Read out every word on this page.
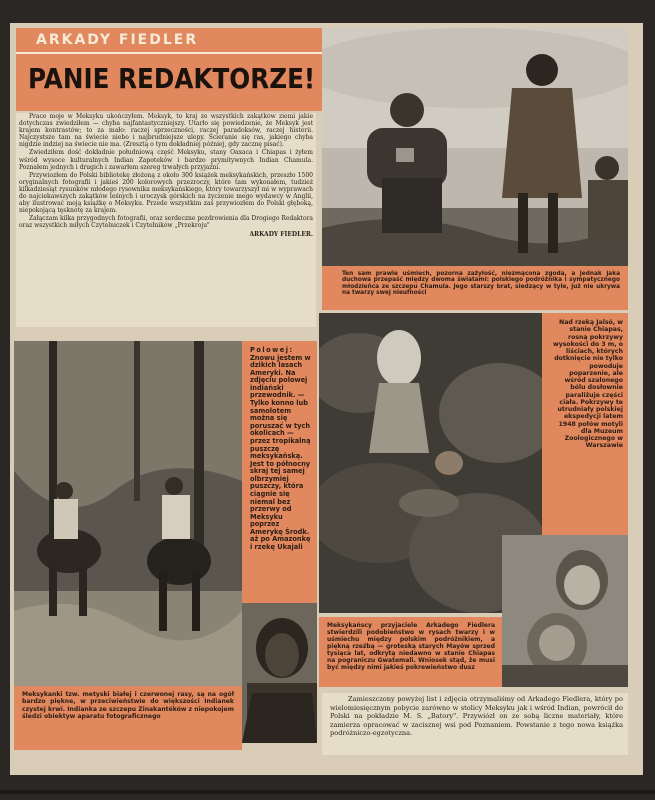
ARKADY FIEDLER
PANIE REDAKTORZE!

Prace moje w Meksyku ukończyłem. Meksyk, to kraj ze wszystkich zakątków ziemi jakie dotychczas zwiedziłem — chyba najfantastyczniejszy. Utarło się powiedzenie, że Meksyk jest krajem kontrastów; to za mało: raczej sprzeczności, raczej paradoksów, raczej histerii. Najczystsze tam na świecie niebo i najbrudniejsze ulepy. Ścieranie się ras, jakiego chyba nigdzie indziej na świecie nie ma. (Zresztą o tym dokładniej później, gdy zacznę pisać).

Zwiedziłem dość dokładnie południową część Meksyku, stany Oaxaca i Chiapas i żyłem wśród wysoce kulturalnych Indian Zapoteków i bardzo prymitywnych Indian Chamula. Poznałem jednych i drugich i zawarłem szereg trwałych przyjaźni.

Przywiozłem do Polski bibliotekę złożoną z około 300 książek meksykańskich, przeszło 1500 oryginalnych fotografii i jakieś 200 kolorowych przezroczy, które tam wykonałem, tudzież kilkadziesiąt rysunków młodego rysownika meksykańskiego, który towarzyszył mi w wyprawach do najciekawszych zakątków leśnych i uroczysk górskich na życzenie mego wydawcy w Anglii, aby ilustrować moją książkę o Meksyku. Przede wszystkim zaś przywiozłem do Polski głęboką, niepokojącą tęsknotę za krajem.

Załączam kilka przygodnych fotografii, oraz serdeczne pozdrowienia dla Drogiego Redaktora oraz wszystkich miłych Czytelniczek i Czytelników „Przekroju"

ARKADY FIEDLER.
Ten sam prawie uśmiech, pozorna zażyłość, niezmącona zgoda, a jednak jaka duchowa przepaść między dwoma światami: polskiego podróżnika i sympatycznego młodzieńca ze szczepu Chamula. Jego starszy brat, siedzący w tyle, już nie ukrywa na twarzy swej nieufności
Polowej:
Znowu jestem w dzikich lasach Ameryki. Na zdjęciu polowej indiański przewodnik. — Tylko konno lub samolotem można się poruszać w tych okolicach — przez tropikalną puszczę meksykańską. Jest to północny skraj tej samej olbrzymiej puszczy, która ciągnie się niemal bez przerwy od Meksyku poprzez Amerykę Środk. aż po Amazonkę i rzekę Ukajali
Nad rzeką Jalsó, w stanie Chiapas, rosną pokrzywy wysokości do 3 m, o liściach, których dotknięcie nie tylko powoduje poparzenie, ale wśród szalonego bólu dosłownie paraliżuje części ciała. Pokrzywy te utrudniały polskiej ekspedycji latem 1948 połów motyli dla Muzeum Zoologicznego w Warszawie
Meksykanki tzw. metyski białej i czerwonej rasy, są na ogół bardzo piękne, w przeciwieństwie do większości Indianek czystej krwi. Indianka ze szczepu Zinakantéków z niepokojem śledzi obiektyw aparatu fotograficznego
Meksykańscy przyjaciele Arkadego Fiedlera stwierdzili podobieństwo w rysach twarzy i w uśmiechu między polskim podróżnikiem, a piękną rzeźbą — groteską starych Mayów sprzed tysiąca lat, odkrytą niedawno w stanie Chiapas na pograniczu Gwatemali. Wniosek stąd, że musi być między nimi jakieś pokrewieństwo dusz
Zamieszczony powyżej list i zdjęcia otrzymaliśmy od Arkadego Fiedlera, który po wielomiesięcznym pobycie zarówno w stolicy Meksyku jak i wśród Indian, powrócił do Polski na pokładzie M. S. „Batory". Przywiózł on ze sobą liczne materiały, które zamierza opracować w zacisznej wsi pod Poznaniem. Powstanie z tego nowa książka podróżniczo-egzotyczna.
